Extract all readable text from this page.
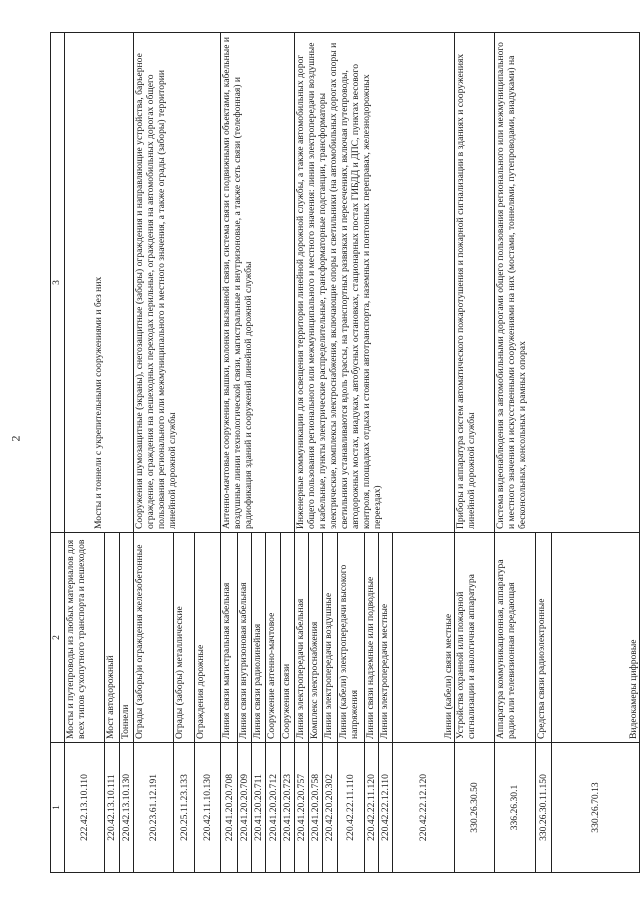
2
1	2	3
222.42.13.10.110	Мосты и путепроводы из любых материалов для всех типов сухопутного транспорта и пешеходов	Мосты и тоннели с укрепительными сооружениями и без них
220.42.13.10.111	Мост автодорожный	
220.42.13.10.130	Тоннели	
220.23.61.12.191	Ограды (заборы)и ограждения железобетонные	Сооружения шумозащитные (экраны), снегозащитные (заборы) ограждения и направляющие устройства, барьерное ограждение, ограждения на пешеходных переходах перильные, ограждения на автомобильных дорогах общего пользования регионального или межмуниципального и местного значения, а также ограды (заборы) территории линейной дорожной службы
220.25.11.23.133	Ограды (заборы) металлические	
220.42.11.10.130	Ограждения дорожные	
220.41.20.20.708	Линия связи магистральная кабельная	Антенно-мачтовые сооружения, вышки, колонки вызывной связи, система связи с подвижными объектами, кабельные и воздушные линии технологической связи, магистральные и внутризоновые, а также сеть связи (телефонная) и радиофикация зданий и сооружений линейной дорожной службы
220.41.20.20.709	Линия связи внутризоновая кабельная	
220.41.20.20.711	Линия связи радиолинейная	
220.41.20.20.712	Сооружение антенно-мачтовое	
220.41.20.20.723	Сооружения связи	
220.41.20.20.757	Линия электропередачи кабельная	Инженерные коммуникации для освещения территории линейной дорожной службы, а также автомобильных дорог общего пользования регионального или межмуниципального и местного значения: линии электропередачи воздушные и кабельные, пункты электрические распределительные, трансформаторные подстанции, трансформаторы электрические, комплексы электроснабжения, включающие опоры и светильники (на автомобильных дорогах опоры и светильники устанавливаются вдоль трассы, на транспортных развязках и пересечениях, включая путепроводы, автодорожных мостах, виадуках, автобусных остановках, стационарных постах ГИБДД и ДПС, пунктах весового контроля, площадках отдыха и стоянки автотранспорта, наземных и понтонных переправах, железнодорожных переездах)
220.41.20.20.758	Комплекс электроснабжения	
220.42.20.20.302	Линии электропередачи воздушные	
220.42.22.11.110	Линии (кабели) электропередачи высокого напряжения	
220.42.22.11.120	Линии связи надземные или подводные	
220.42.22.12.110	Линии электропередачи местные	
220.42.22.12.120	Линии (кабели) связи местные	
330.26.30.50	Устройства охранной или пожарной сигнализации и аналогичная аппаратура	Приборы и аппаратура систем автоматического пожаротушения и пожарной сигнализации в зданиях и сооружениях линейной дорожной службы
336.26.30.1	Аппаратура коммуникационная, аппаратура радио или телевизионная передающая	Система видеонаблюдения за автомобильными дорогами общего пользования регионального или межмуниципального и местного значения и искусственными сооружениями на них (мостами, тоннелями, путепроводами, виадуками) на бесконсольных, консольных и рамных опорах
330.26.30.11.150	Средства связи радиоэлектронные	
330.26.70.13	Видеокамеры цифровые	
